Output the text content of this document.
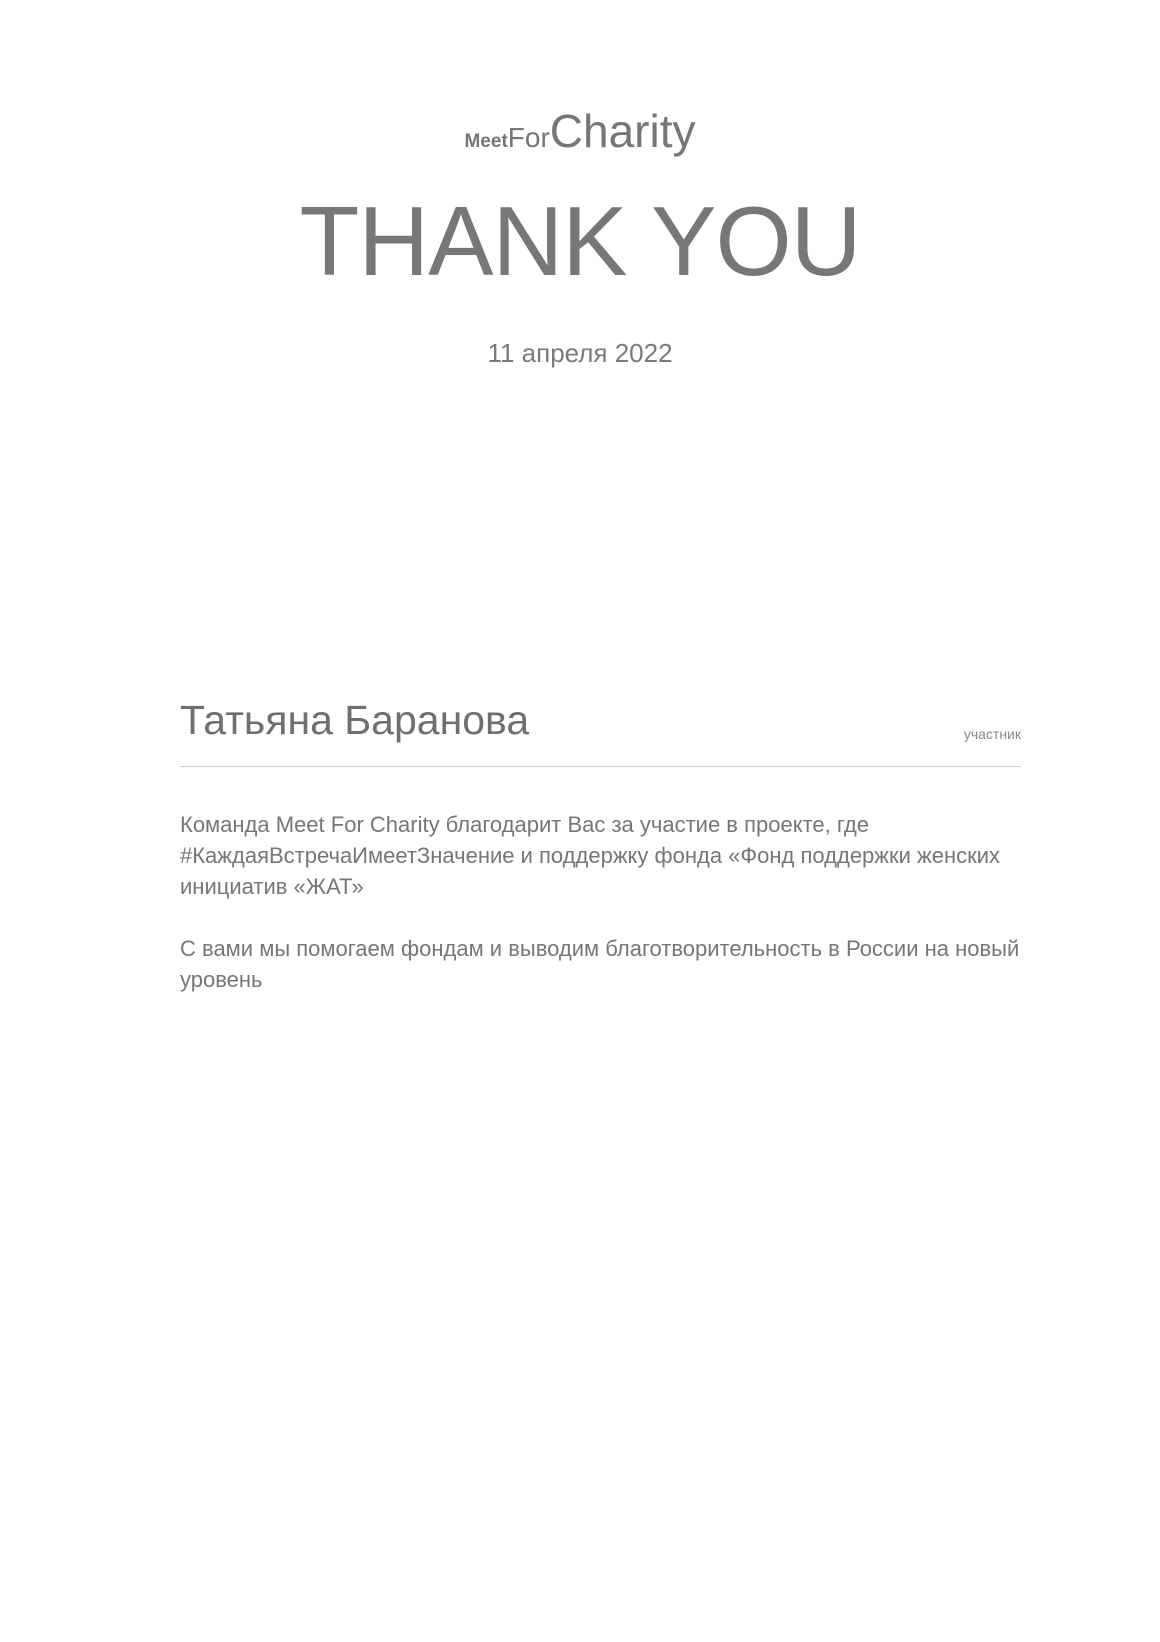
MeetForCharity
THANK YOU
11 апреля 2022
Татьяна Баранова	участник

Команда Meet For Charity благодарит Вас за участие в проекте, где #КаждаяВстречаИмеетЗначение и поддержку фонда «Фонд поддержки женских инициатив «ЖАТ»

С вами мы помогаем фондам и выводим благотворительность в России на новый уровень
